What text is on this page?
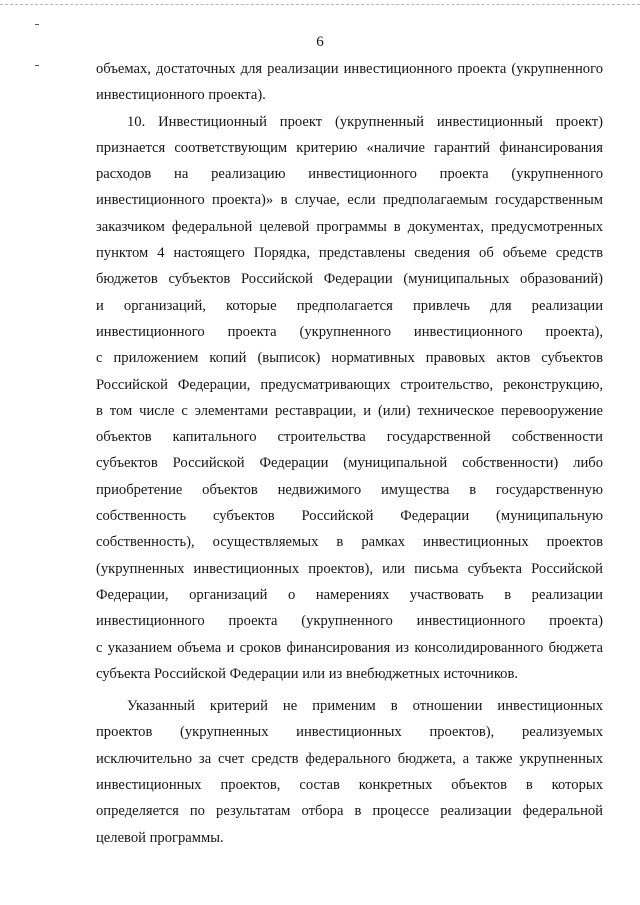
6
объемах, достаточных для реализации инвестиционного проекта (укрупненного
инвестиционного проекта).
10. Инвестиционный проект (укрупненный инвестиционный проект)
признается соответствующим критерию «наличие гарантий финансирования
расходов на реализацию инвестиционного проекта (укрупненного
инвестиционного проекта)» в случае, если предполагаемым государственным
заказчиком федеральной целевой программы в документах, предусмотренных
пунктом 4 настоящего Порядка, представлены сведения об объеме средств
бюджетов субъектов Российской Федерации (муниципальных образований)
и организаций, которые предполагается привлечь для реализации
инвестиционного проекта (укрупненного инвестиционного проекта),
с приложением копий (выписок) нормативных правовых актов субъектов
Российской Федерации, предусматривающих строительство, реконструкцию,
в том числе с элементами реставрации, и (или) техническое перевооружение
объектов капитального строительства государственной собственности
субъектов Российской Федерации (муниципальной собственности) либо
приобретение объектов недвижимого имущества в государственную
собственность субъектов Российской Федерации (муниципальную
собственность), осуществляемых в рамках инвестиционных проектов
(укрупненных инвестиционных проектов), или письма субъекта Российской
Федерации, организаций о намерениях участвовать в реализации
инвестиционного проекта (укрупненного инвестиционного проекта)
с указанием объема и сроков финансирования из консолидированного бюджета
субъекта Российской Федерации или из внебюджетных источников.
Указанный критерий не применим в отношении инвестиционных
проектов (укрупненных инвестиционных проектов), реализуемых
исключительно за счет средств федерального бюджета, а также укрупненных
инвестиционных проектов, состав конкретных объектов в которых
определяется по результатам отбора в процессе реализации федеральной
целевой программы.
